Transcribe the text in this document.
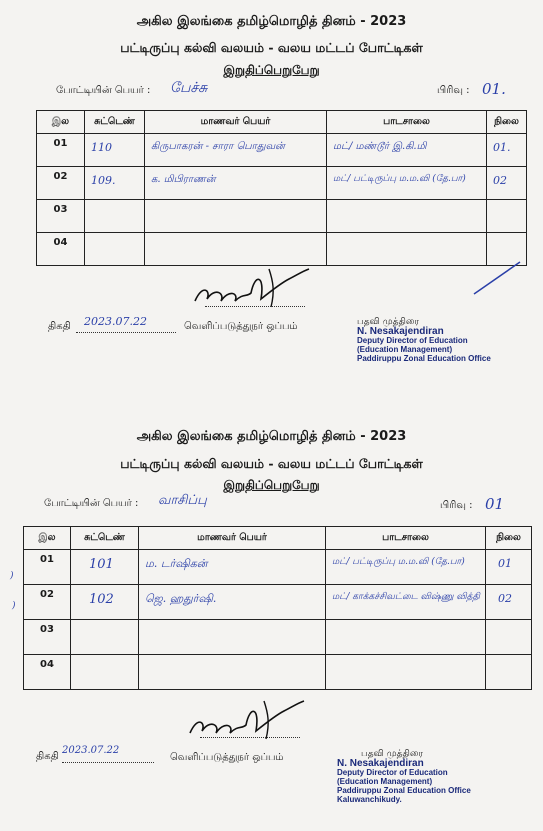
அகில இலங்கை தமிழ்மொழித் தினம் - 2023
பட்டிருப்பு கல்வி வலயம் - வலய மட்டப் போட்டிகள்
இறுதிப்பெறுபேறு
போட்டியின் பெயர் : பேச்சு	பிரிவு : 01.
இல	சுட்டெண்	மாணவர் பெயர்	பாடசாலை	நிலை
01	110	கிருபாகரன் - சாரா பொதுவன்	மட்/ மண்டூர் இ.கி.மி	01.

02	109.	க. மிபிராணன்	மட்/ பட்டிருப்பு ம.ம.வி (தே.பா)	02

03				
04				
திகதி 2023.07.22	வெளிப்படுத்துநர் ஒப்பம்	பதவி முத்திரை
N. Nesakajendiran
Deputy Director of Education
(Education Management)
Paddiruppu Zonal Education Office
அகில இலங்கை தமிழ்மொழித் தினம் - 2023
பட்டிருப்பு கல்வி வலயம் - வலய மட்டப் போட்டிகள்
இறுதிப்பெறுபேறு
போட்டியின் பெயர் : வாசிப்பு	பிரிவு : 01
)
)
இல	சுட்டெண்	மாணவர் பெயர்	பாடசாலை	நிலை
01	101	ம. டர்ஷிகன்	மட்/ பட்டிருப்பு ம.ம.வி (தே.பா)	01

02	102	ஜெ. ஹதுர்ஷி.	மட்/ காக்கச்சிவட்டை விஷ்ணு வித்தி	02

03				
04				
திகதி
2023.07.22
வெளிப்படுத்துநர் ஒப்பம்	பதவி முத்திரை
N. Nesakajendiran
Deputy Director of Education
(Education Management)
Paddiruppu Zonal Education Office
Kaluwanchikudy.
